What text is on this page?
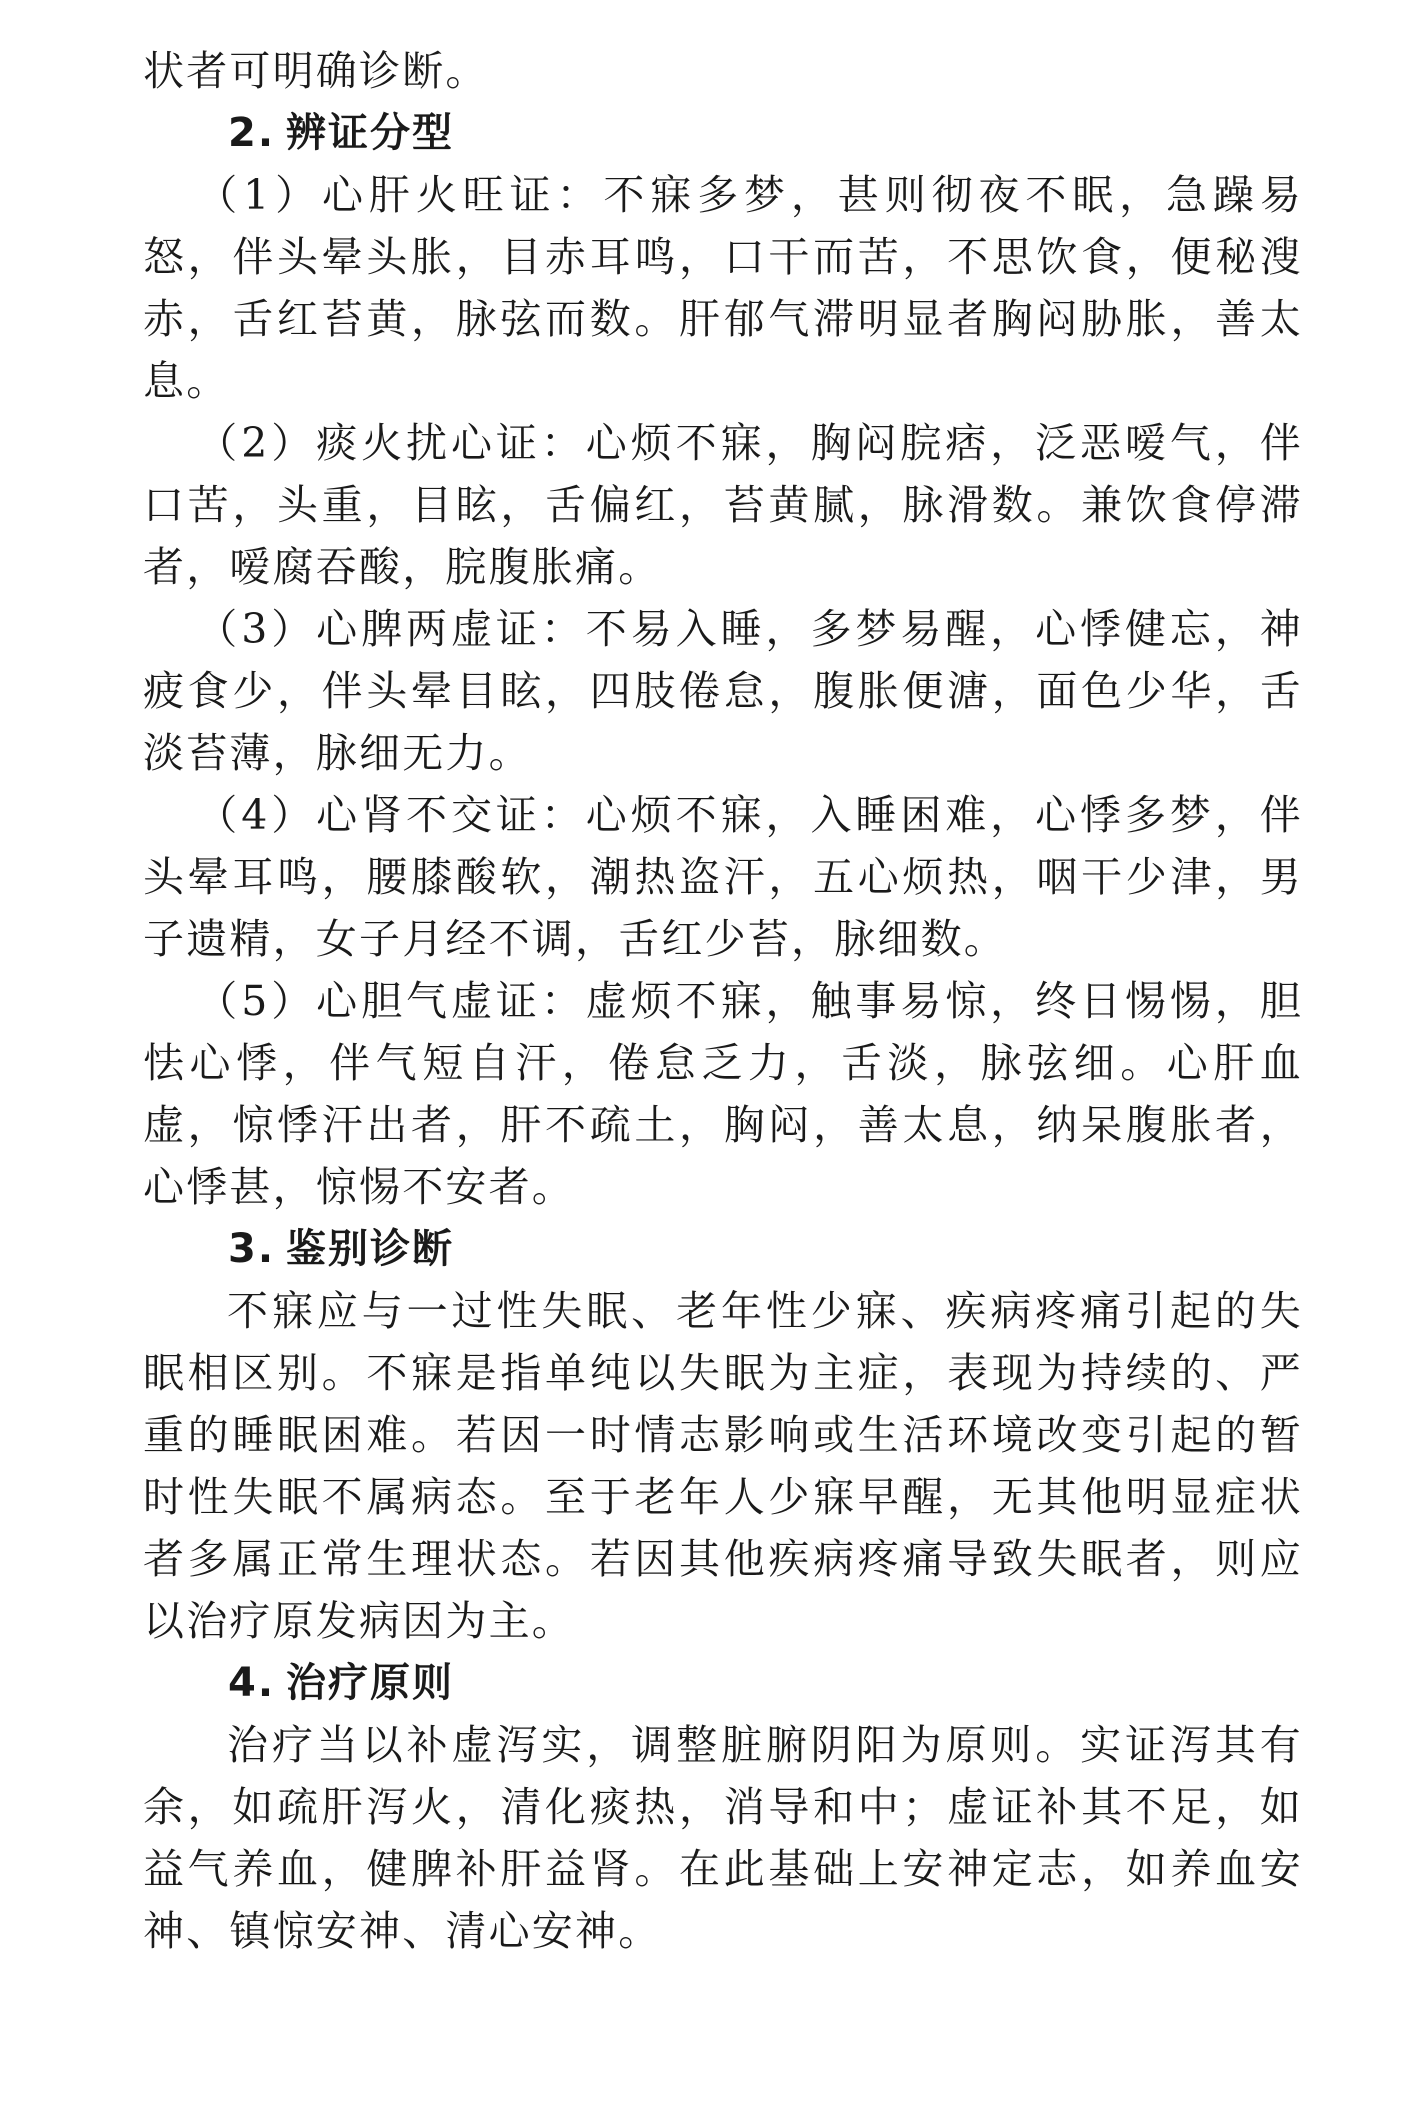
状者可明确诊断。

2. 辨证分型

（1）心肝火旺证：不寐多梦，甚则彻夜不眠，急躁易怒，伴头晕头胀，目赤耳鸣，口干而苦，不思饮食，便秘溲赤，舌红苔黄，脉弦而数。肝郁气滞明显者胸闷胁胀，善太息。

（2）痰火扰心证：心烦不寐，胸闷脘痞，泛恶嗳气，伴口苦，头重，目眩，舌偏红，苔黄腻，脉滑数。兼饮食停滞者，嗳腐吞酸，脘腹胀痛。

（3）心脾两虚证：不易入睡，多梦易醒，心悸健忘，神疲食少，伴头晕目眩，四肢倦怠，腹胀便溏，面色少华，舌淡苔薄，脉细无力。

（4）心肾不交证：心烦不寐，入睡困难，心悸多梦，伴头晕耳鸣，腰膝酸软，潮热盗汗，五心烦热，咽干少津，男子遗精，女子月经不调，舌红少苔，脉细数。

（5）心胆气虚证：虚烦不寐，触事易惊，终日惕惕，胆怯心悸，伴气短自汗，倦怠乏力，舌淡，脉弦细。心肝血虚，惊悸汗出者，肝不疏土，胸闷，善太息，纳呆腹胀者，心悸甚，惊惕不安者。

3. 鉴别诊断

不寐应与一过性失眠、老年性少寐、疾病疼痛引起的失眠相区别。不寐是指单纯以失眠为主症，表现为持续的、严重的睡眠困难。若因一时情志影响或生活环境改变引起的暂时性失眠不属病态。至于老年人少寐早醒，无其他明显症状者多属正常生理状态。若因其他疾病疼痛导致失眠者，则应以治疗原发病因为主。

4. 治疗原则

治疗当以补虚泻实，调整脏腑阴阳为原则。实证泻其有余，如疏肝泻火，清化痰热，消导和中；虚证补其不足，如益气养血，健脾补肝益肾。在此基础上安神定志，如养血安神、镇惊安神、清心安神。
